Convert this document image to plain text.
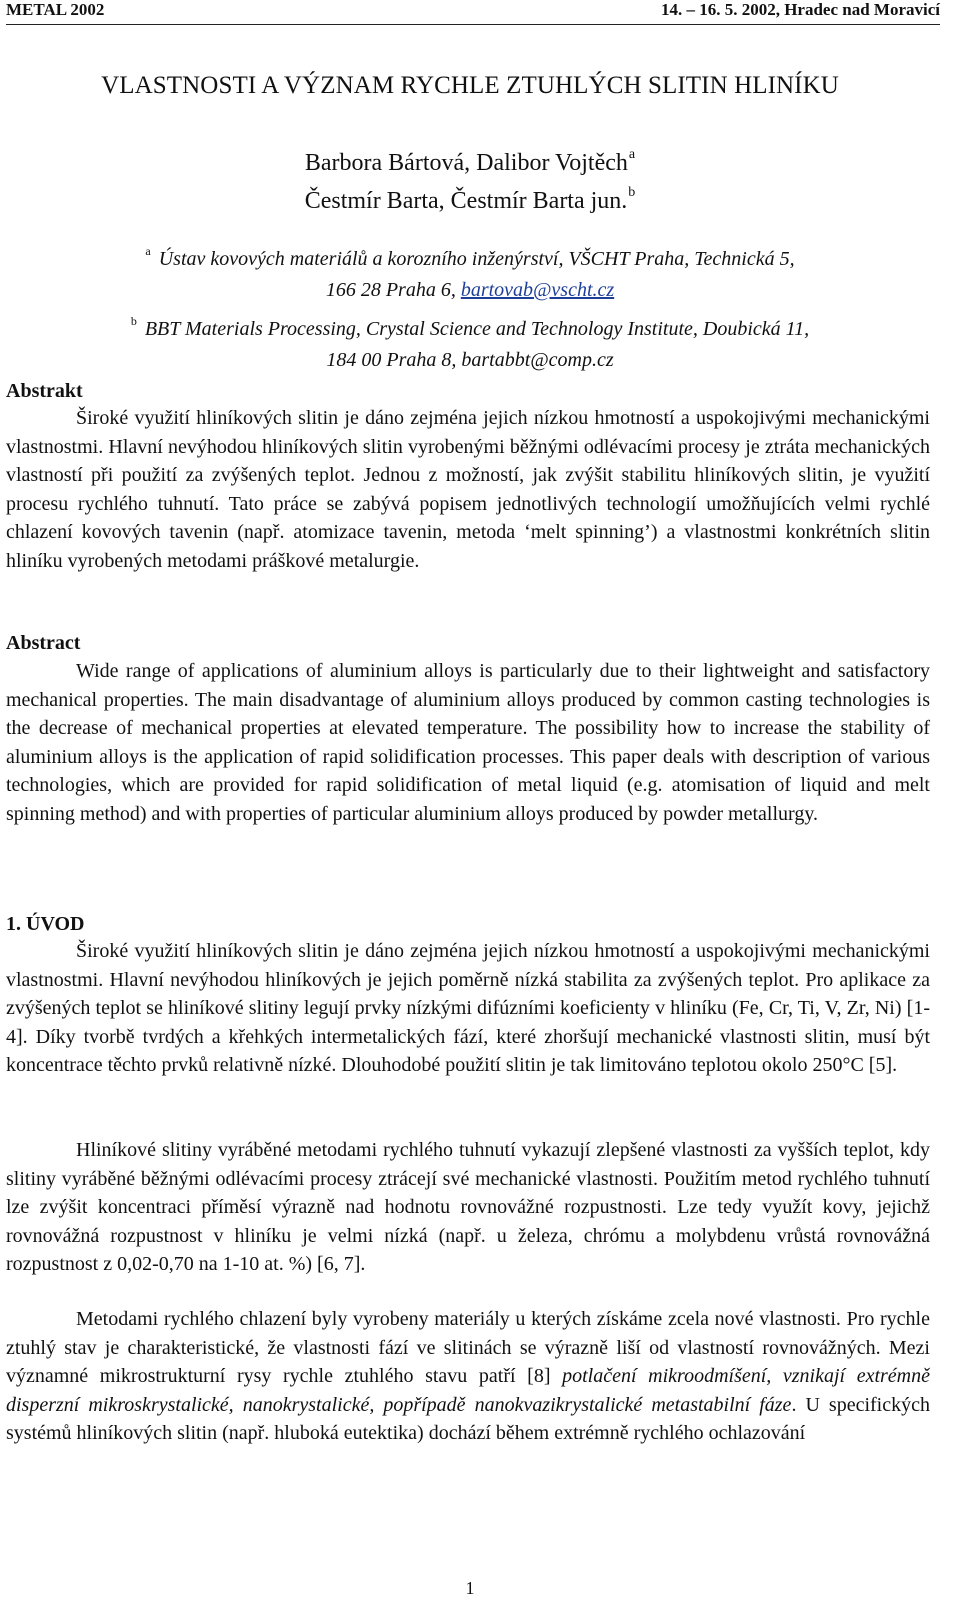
METAL 2002	14. – 16. 5. 2002, Hradec nad Moravicí
VLASTNOSTI A VÝZNAM RYCHLE ZTUHLÝCH SLITIN HLINÍKU
Barbora Bártová, Dalibor Vojtěch$^a$
Čestmír Barta, Čestmír Barta jun.$^b$
$^a$ Ústav kovových materiálů a korozního inženýrství, VŠCHT Praha, Technická 5,
166 28 Praha 6, bartovab@vscht.cz
$^b$ BBT Materials Processing, Crystal Science and Technology Institute, Doubická 11,
184 00 Praha 8, bartabbt@comp.cz
Abstrakt
Široké využití hliníkových slitin je dáno zejména jejich nízkou hmotností a uspokojivými mechanickými vlastnostmi. Hlavní nevýhodou hliníkových slitin vyrobenými běžnými odlévacími procesy je ztráta mechanických vlastností při použití za zvýšených teplot. Jednou z možností, jak zvýšit stabilitu hliníkových slitin, je využití procesu rychlého tuhnutí. Tato práce se zabývá popisem jednotlivých technologií umožňujících velmi rychlé chlazení kovových tavenin (např. atomizace tavenin, metoda ‘melt spinning’) a vlastnostmi konkrétních slitin hliníku vyrobených metodami práškové metalurgie.
Abstract
Wide range of applications of aluminium alloys is particularly due to their lightweight and satisfactory mechanical properties. The main disadvantage of aluminium alloys produced by common casting technologies is the decrease of mechanical properties at elevated temperature. The possibility how to increase the stability of aluminium alloys is the application of rapid solidification processes. This paper deals with description of various technologies, which are provided for rapid solidification of metal liquid (e.g. atomisation of liquid and melt spinning method) and with properties of particular aluminium alloys produced by powder metallurgy.
1. ÚVOD
Široké využití hliníkových slitin je dáno zejména jejich nízkou hmotností a uspokojivými mechanickými vlastnostmi. Hlavní nevýhodou hliníkových je jejich poměrně nízká stabilita za zvýšených teplot. Pro aplikace za zvýšených teplot se hliníkové slitiny legují prvky nízkými difúzními koeficienty v hliníku (Fe, Cr, Ti, V, Zr, Ni) [1-4]. Díky tvorbě tvrdých a křehkých intermetalických fází, které zhoršují mechanické vlastnosti slitin, musí být koncentrace těchto prvků relativně nízké. Dlouhodobé použití slitin je tak limitováno teplotou okolo 250°C [5].
Hliníkové slitiny vyráběné metodami rychlého tuhnutí vykazují zlepšené vlastnosti za vyšších teplot, kdy slitiny vyráběné běžnými odlévacími procesy ztrácejí své mechanické vlastnosti. Použitím metod rychlého tuhnutí lze zvýšit koncentraci příměsí výrazně nad hodnotu rovnovážné rozpustnosti. Lze tedy využít kovy, jejichž rovnovážná rozpustnost v hliníku je velmi nízká (např. u železa, chrómu a molybdenu vrůstá rovnovážná rozpustnost z 0,02-0,70 na 1-10 at. %) [6, 7].
Metodami rychlého chlazení byly vyrobeny materiály u kterých získáme zcela nové vlastnosti. Pro rychle ztuhlý stav je charakteristické, že vlastnosti fází ve slitinách se výrazně liší od vlastností rovnovážných. Mezi významné mikrostrukturní rysy rychle ztuhlého stavu patří [8] potlačení mikroodmíšení, vznikají extrémně disperzní mikroskrystalické, nanokrystalické, popřípadě nanokvazikrystalické metastabilní fáze. U specifických systémů hliníkových slitin (např. hluboká eutektika) dochází během extrémně rychlého ochlazování
1
